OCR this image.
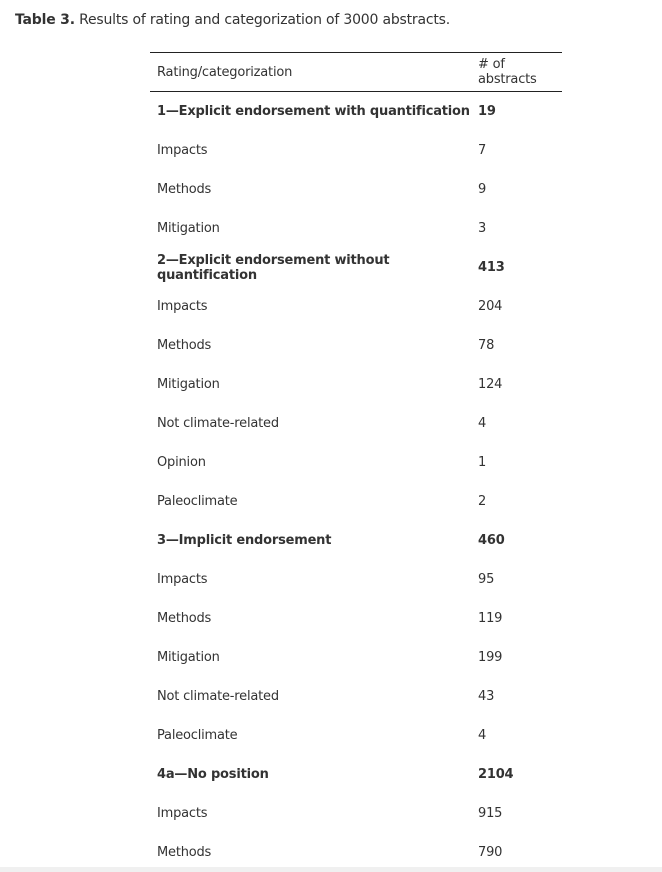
Table 3. Results of rating and categorization of 3000 abstracts.
Rating/categorization	# of abstracts
1—Explicit endorsement with quantification	19
Impacts	7
Methods	9
Mitigation	3
2—Explicit endorsement without quantification	413
Impacts	204
Methods	78
Mitigation	124
Not climate-related	4
Opinion	1
Paleoclimate	2
3—Implicit endorsement	460
Impacts	95
Methods	119
Mitigation	199
Not climate-related	43
Paleoclimate	4
4a—No position	2104
Impacts	915
Methods	790
